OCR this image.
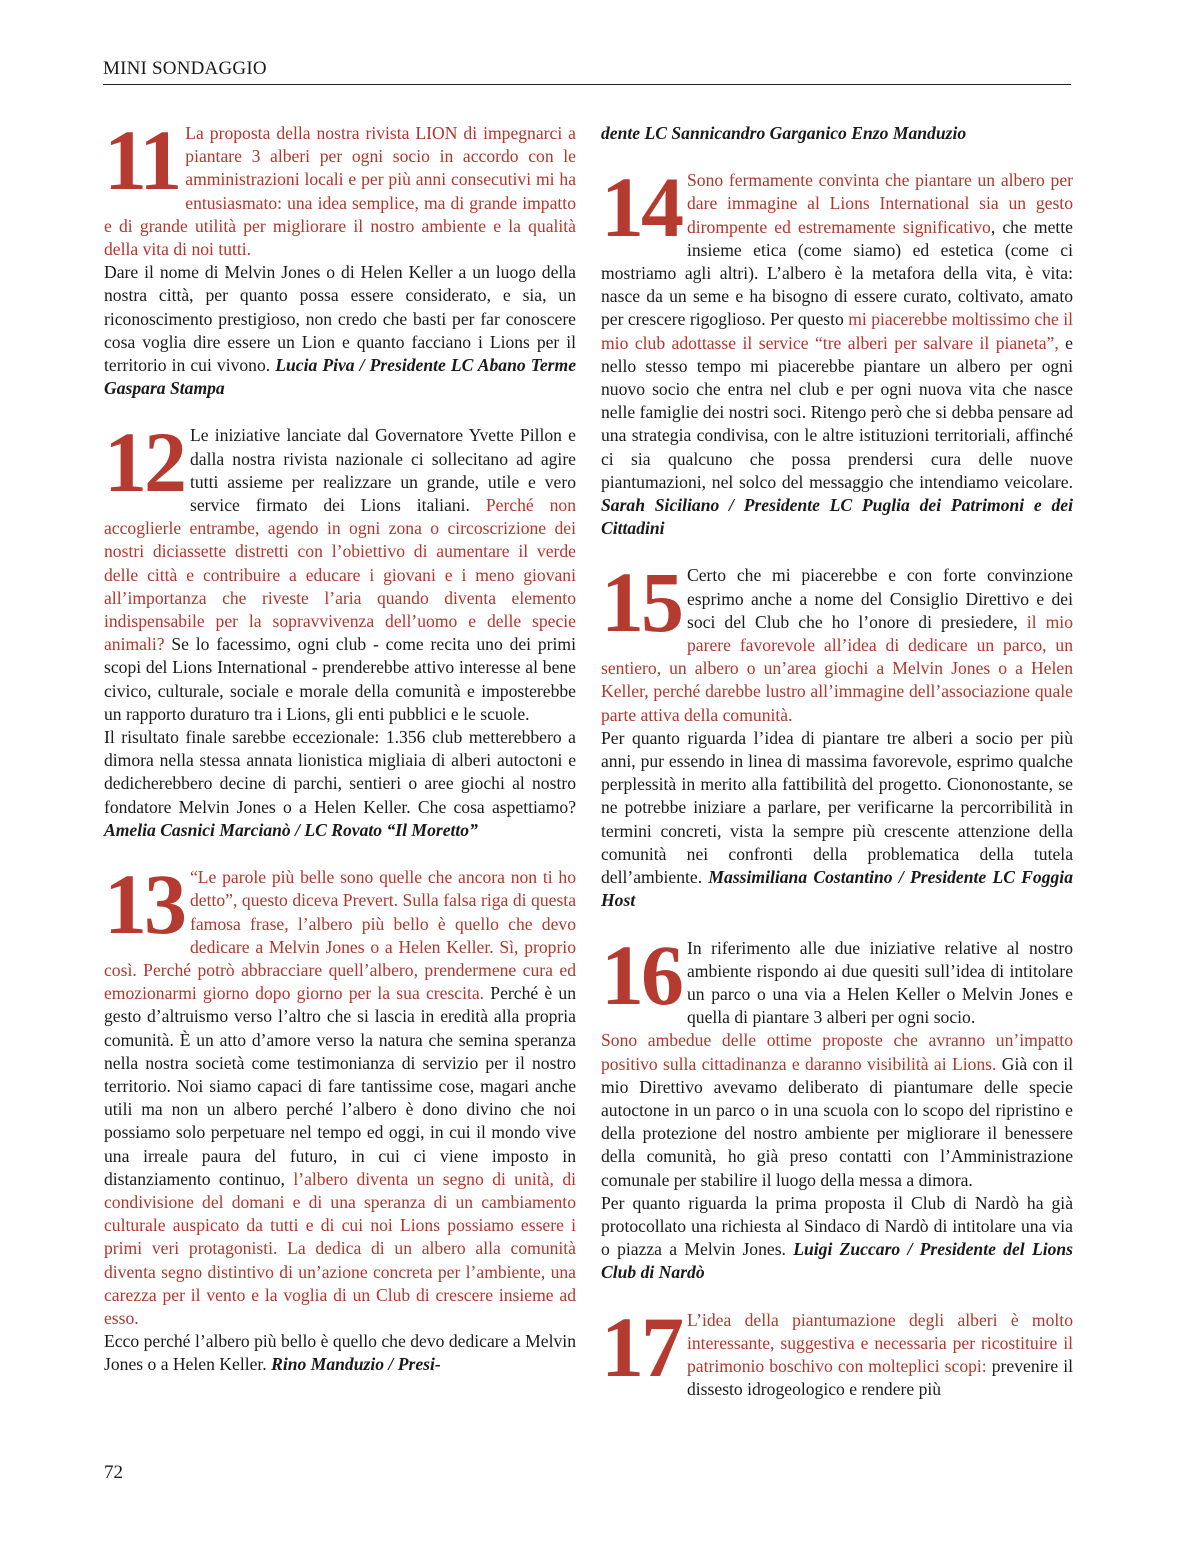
MINI SONDAGGIO
11 La proposta della nostra rivista LION di impegnarci a piantare 3 alberi per ogni socio in accordo con le amministrazioni locali e per più anni consecutivi mi ha entusiasmato: una idea semplice, ma di grande impatto e di grande utilità per migliorare il nostro ambiente e la qualità della vita di noi tutti.

Dare il nome di Melvin Jones o di Helen Keller a un luogo della nostra città, per quanto possa essere considerato, e sia, un riconoscimento prestigioso, non credo che basti per far conoscere cosa voglia dire essere un Lion e quanto facciano i Lions per il territorio in cui vivono. Lucia Piva / Presidente LC Abano Terme Gaspara Stampa

12 Le iniziative lanciate dal Governatore Yvette Pillon e dalla nostra rivista nazionale ci sollecitano ad agire tutti assieme per realizzare un grande, utile e vero service firmato dei Lions italiani. Perché non accoglierle entrambe, agendo in ogni zona o circoscrizione dei nostri diciassette distretti con l’obiettivo di aumentare il verde delle città e contribuire a educare i giovani e i meno giovani all’importanza che riveste l’aria quando diventa elemento indispensabile per la sopravvivenza dell’uomo e delle specie animali? Se lo facessimo, ogni club - come recita uno dei primi scopi del Lions International - prenderebbe attivo interesse al bene civico, culturale, sociale e morale della comunità e imposterebbe un rapporto duraturo tra i Lions, gli enti pubblici e le scuole.

Il risultato finale sarebbe eccezionale: 1.356 club metterebbero a dimora nella stessa annata lionistica migliaia di alberi autoctoni e dedicherebbero decine di parchi, sentieri o aree giochi al nostro fondatore Melvin Jones o a Helen Keller. Che cosa aspettiamo? Amelia Casnici Marcianò / LC Rovato “Il Moretto”

13 “Le parole più belle sono quelle che ancora non ti ho detto”, questo diceva Prevert. Sulla falsa riga di questa famosa frase, l’albero più bello è quello che devo dedicare a Melvin Jones o a Helen Keller. Sì, proprio così. Perché potrò abbracciare quell’albero, prendermene cura ed emozionarmi giorno dopo giorno per la sua crescita. Perché è un gesto d’altruismo verso l’altro che si lascia in eredità alla propria comunità. È un atto d’amore verso la natura che semina speranza nella nostra società come testimonianza di servizio per il nostro territorio. Noi siamo capaci di fare tantissime cose, magari anche utili ma non un albero perché l’albero è dono divino che noi possiamo solo perpetuare nel tempo ed oggi, in cui il mondo vive una irreale paura del futuro, in cui ci viene imposto in distanziamento continuo, l’albero diventa un segno di unità, di condivisione del domani e di una speranza di un cambiamento culturale auspicato da tutti e di cui noi Lions possiamo essere i primi veri protagonisti. La dedica di un albero alla comunità diventa segno distintivo di un’azione concreta per l’ambiente, una carezza per il vento e la voglia di un Club di crescere insieme ad esso.

Ecco perché l’albero più bello è quello che devo dedicare a Melvin Jones o a Helen Keller. Rino Manduzio / Presi-

dente LC Sannicandro Garganico Enzo Manduzio

14 Sono fermamente convinta che piantare un albero per dare immagine al Lions International sia un gesto dirompente ed estremamente significativo, che mette insieme etica (come siamo) ed estetica (come ci mostriamo agli altri). L’albero è la metafora della vita, è vita: nasce da un seme e ha bisogno di essere curato, coltivato, amato per crescere rigoglioso. Per questo mi piacerebbe moltissimo che il mio club adottasse il service “tre alberi per salvare il pianeta”, e nello stesso tempo mi piacerebbe piantare un albero per ogni nuovo socio che entra nel club e per ogni nuova vita che nasce nelle famiglie dei nostri soci. Ritengo però che si debba pensare ad una strategia condivisa, con le altre istituzioni territoriali, affinché ci sia qualcuno che possa prendersi cura delle nuove piantumazioni, nel solco del messaggio che intendiamo veicolare. Sarah Siciliano / Presidente LC Puglia dei Patrimoni e dei Cittadini

15 Certo che mi piacerebbe e con forte convinzione esprimo anche a nome del Consiglio Direttivo e dei soci del Club che ho l’onore di presiedere, il mio parere favorevole all’idea di dedicare un parco, un sentiero, un albero o un’area giochi a Melvin Jones o a Helen Keller, perché darebbe lustro all’immagine dell’associazione quale parte attiva della comunità.

Per quanto riguarda l’idea di piantare tre alberi a socio per più anni, pur essendo in linea di massima favorevole, esprimo qualche perplessità in merito alla fattibilità del progetto. Ciononostante, se ne potrebbe iniziare a parlare, per verificarne la percorribilità in termini concreti, vista la sempre più crescente attenzione della comunità nei confronti della problematica della tutela dell’ambiente. Massimiliana Costantino / Presidente LC Foggia Host

16 In riferimento alle due iniziative relative al nostro ambiente rispondo ai due quesiti sull’idea di intitolare un parco o una via a Helen Keller o Melvin Jones e quella di piantare 3 alberi per ogni socio.

Sono ambedue delle ottime proposte che avranno un’impatto positivo sulla cittadinanza e daranno visibilità ai Lions. Già con il mio Direttivo avevamo deliberato di piantumare delle specie autoctone in un parco o in una scuola con lo scopo del ripristino e della protezione del nostro ambiente per migliorare il benessere della comunità, ho già preso contatti con l’Amministrazione comunale per stabilire il luogo della messa a dimora.

Per quanto riguarda la prima proposta il Club di Nardò ha già protocollato una richiesta al Sindaco di Nardò di intitolare una via o piazza a Melvin Jones. Luigi Zuccaro / Presidente del Lions Club di Nardò

17 L’idea della piantumazione degli alberi è molto interessante, suggestiva e necessaria per ricostituire il patrimonio boschivo con molteplici scopi: prevenire il dissesto idrogeologico e rendere più

72
